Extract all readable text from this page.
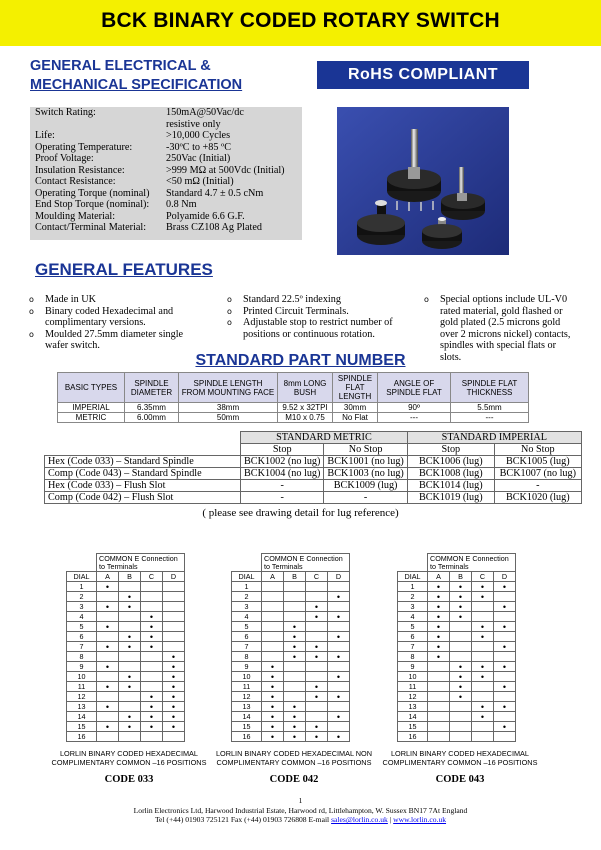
BCK BINARY CODED ROTARY SWITCH
GENERAL ELECTRICAL &
MECHANICAL SPECIFICATION
RoHS COMPLIANT
Switch Rating:	150mA@50Vac/dc
resistive only
Life:	>10,000 Cycles
Operating Temperature:	-30ºC to +85 ºC
Proof Voltage:	250Vac (Initial)
Insulation Resistance:	>999 MΩ at 500Vdc (Initial)
Contact Resistance:	<50 mΩ (Initial)
Operating Torque (nominal)	Standard 4.7 ± 0.5 cNm
End Stop Torque (nominal):	0.8 Nm
Moulding Material:	Polyamide 6.6 G.F.
Contact/Terminal Material:	Brass CZ108 Ag Plated
GENERAL FEATURES
o	Made in UK
o	Binary coded Hexadecimal and complimentary versions.
o	Moulded 27.5mm diameter single wafer switch.
o	Standard 22.5º indexing
o	Printed Circuit Terminals.
o	Adjustable stop to restrict number of positions or continuous rotation.
o	Special options include UL-V0 rated material, gold flashed or gold plated (2.5 microns gold over 2 microns nickel) contacts, spindles with special flats or slots.
STANDARD PART NUMBER
BASIC TYPES	SPINDLE DIAMETER	SPINDLE LENGTH FROM MOUNTING FACE	8mm LONG BUSH	SPINDLE FLAT LENGTH	ANGLE OF SPINDLE FLAT	SPINDLE FLAT THICKNESS
IMPERIAL	6.35mm	38mm	9.52 x 32TPI	30mm	90º	5.5mm
METRIC	6.00mm	50mm	M10 x 0.75	No Flat	---	---
	STANDARD METRIC		STANDARD IMPERIAL	
	Stop	No Stop	Stop	No Stop
Hex (Code 033) – Standard Spindle	BCK1002 (no lug)	BCK1001 (no lug)	BCK1006 (lug)	BCK1005 (lug)
Comp (Code 043) – Standard Spindle	BCK1004 (no lug)	BCK1003 (no lug)	BCK1008 (lug)	BCK1007 (no lug)
Hex (Code 033) – Flush Slot	-	BCK1009 (lug)	BCK1014 (lug)	-
Comp (Code 042) – Flush Slot	-	-	BCK1019 (lug)	BCK1020 (lug)
( please see drawing detail for lug reference)
	COMMON E Connection to Terminals			
DIAL	A	B	C	D
1	•			
2		•		
3	•	•		
4			•	
5	•		•	
6		•	•	
7	•	•	•	
8				•
9	•			•
10		•		•
11	•	•		•
12			•	•
13	•		•	•
14		•	•	•
15	•	•	•	•
16				
LORLIN BINARY CODED HEXADECIMAL COMPLIMENTARY COMMON –16 POSITIONS
CODE 033
	COMMON E Connection to Terminals			
DIAL	A	B	C	D
1				
2				•
3			•	
4			•	•
5		•		
6		•		•
7		•	•	
8		•	•	•
9	•			
10	•			•
11	•		•	
12	•		•	•
13	•	•		
14	•	•		•
15	•	•	•	
16	•	•	•	•
LORLIN BINARY CODED HEXADECIMAL NON COMPLIMENTARY COMMON –16 POSITIONS
CODE 042
	COMMON E Connection to Terminals			
DIAL	A	B	C	D
1	•	•	•	•
2	•	•	•	
3	•	•		•
4	•	•		
5	•		•	•
6	•		•	
7	•			•
8	•			
9		•	•	•
10		•	•	
11		•		•
12		•		
13			•	•
14			•	
15				•
16				
LORLIN BINARY CODED HEXADECIMAL COMPLIMENTARY COMMON –16 POSITIONS
CODE 043
1
Lorlin Electronics Ltd, Harwood Industrial Estate, Harwood rd, Littlehampton, W. Sussex BN17 7At England
Tel (+44) 01903 725121 Fax (+44) 01903 726808 E-mail sales@lorlin.co.uk | www.lorlin.co.uk
